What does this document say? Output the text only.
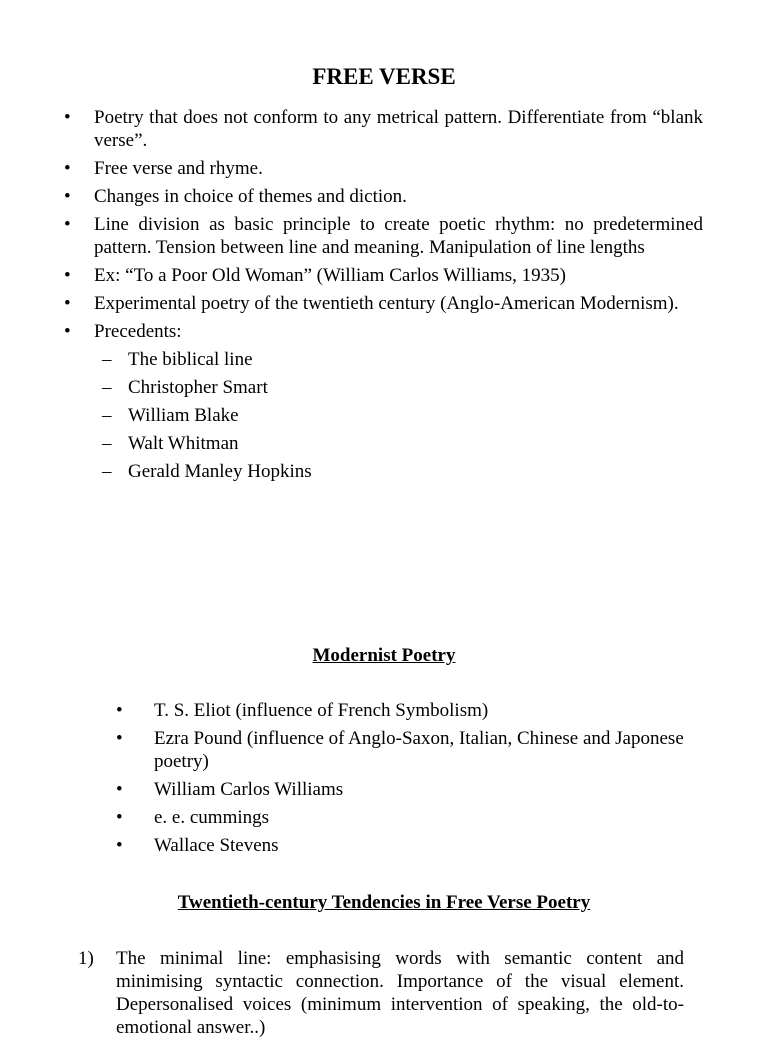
FREE VERSE
• Poetry that does not conform to any metrical pattern. Differentiate from “blank verse”.
• Free verse and rhyme.
• Changes in choice of themes and diction.
• Line division as basic principle to create poetic rhythm: no predetermined pattern. Tension between line and meaning. Manipulation of line lengths
• Ex: “To a Poor Old Woman” (William Carlos Williams, 1935)
• Experimental poetry of the twentieth century (Anglo-American Modernism).
• Precedents:
– The biblical line
– Christopher Smart
– William Blake
– Walt Whitman
– Gerald Manley Hopkins
Modernist Poetry
• T. S. Eliot (influence of French Symbolism)
• Ezra Pound (influence of Anglo-Saxon, Italian, Chinese and Japonese poetry)
• William Carlos Williams
• e. e. cummings
• Wallace Stevens
Twentieth-century Tendencies in Free Verse Poetry
1) The minimal line: emphasising words with semantic content and minimising syntactic connection. Importance of the visual element. Depersonalised voices (minimum intervention of speaking, the old-to-emotional answer..)
